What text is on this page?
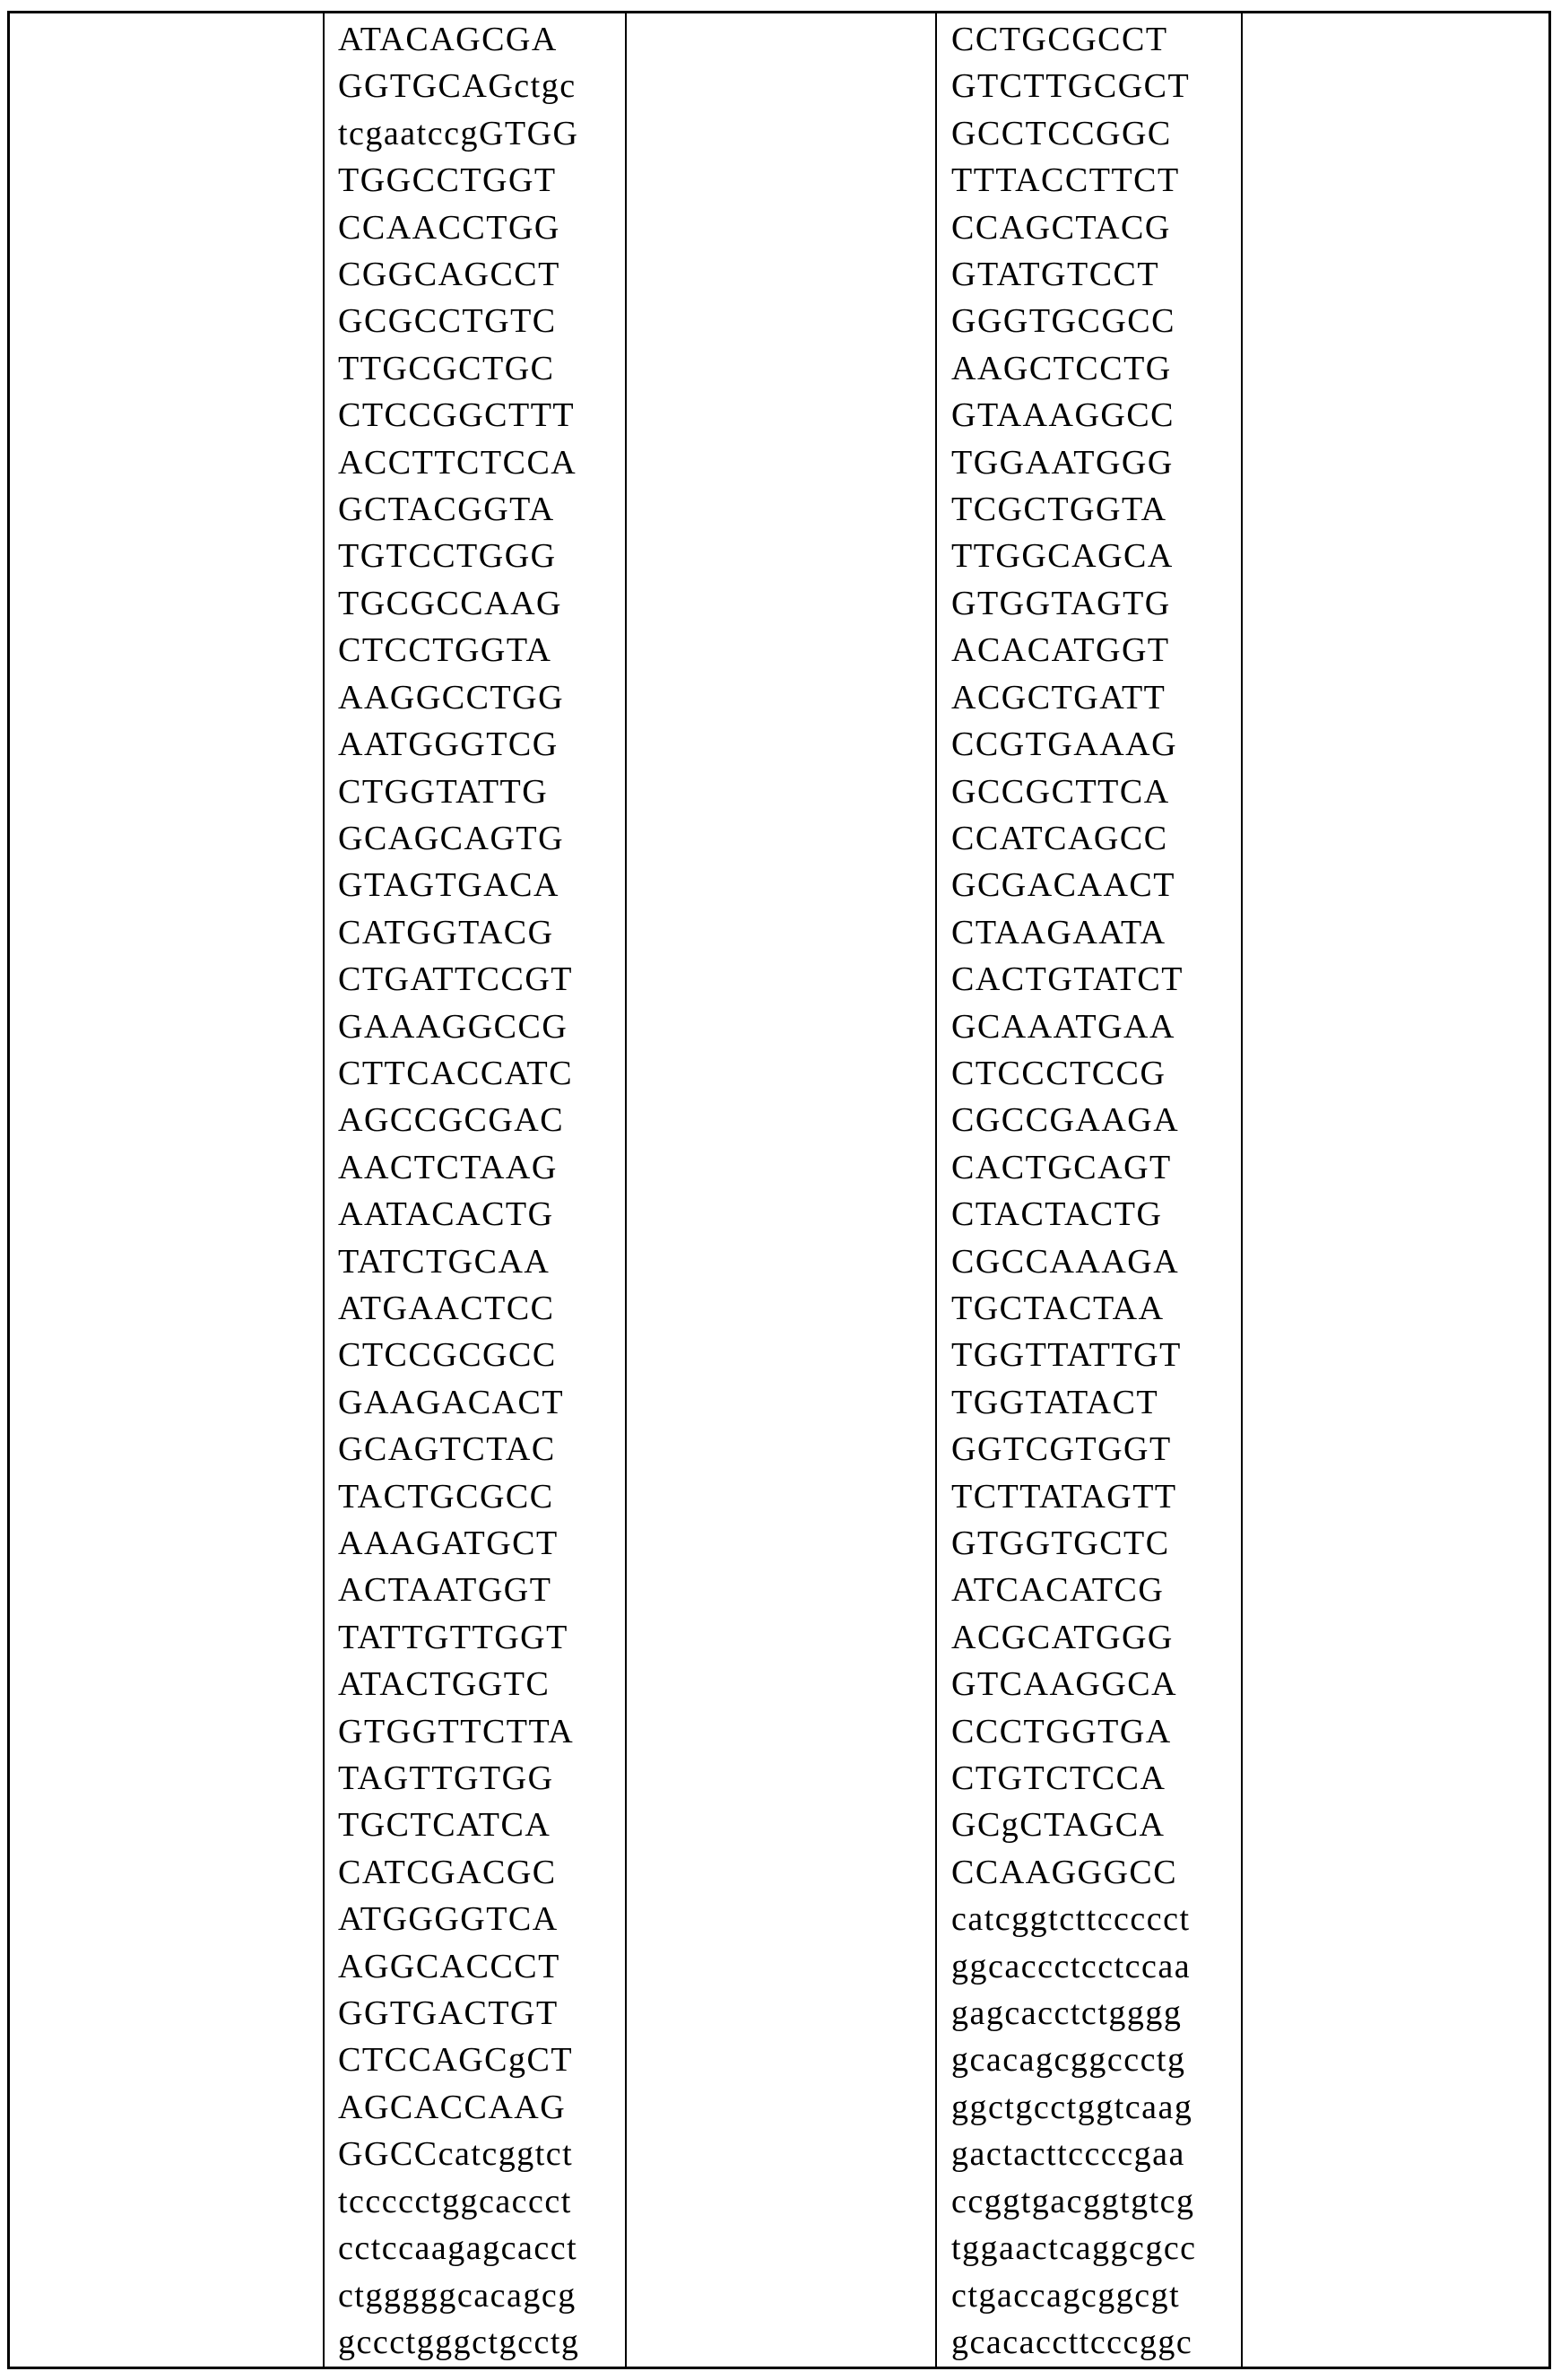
ATACAGCGA
GGTGCAGctgc
tcgaatccgGTGG
TGGCCTGGT
CCAACCTGG
CGGCAGCCT
GCGCCTGTC
TTGCGCTGC
CTCCGGCTTT
ACCTTCTCCA
GCTACGGTA
TGTCCTGGG
TGCGCCAAG
CTCCTGGTA
AAGGCCTGG
AATGGGTCG
CTGGTATTG
GCAGCAGTG
GTAGTGACA
CATGGTACG
CTGATTCCGT
GAAAGGCCG
CTTCACCATC
AGCCGCGAC
AACTCTAAG
AATACACTG
TATCTGCAA
ATGAACTCC
CTCCGCGCC
GAAGACACT
GCAGTCTAC
TACTGCGCC
AAAGATGCT
ACTAATGGT
TATTGTTGGT
ATACTGGTC
GTGGTTCTTA
TAGTTGTGG
TGCTCATCA
CATCGACGC
ATGGGGTCA
AGGCACCCT
GGTGACTGT
CTCCAGCgCT
AGCACCAAG
GGCCcatcggtct
tccccctggcaccct
cctccaagagcacct
ctgggggcacagcg
gccctgggctgcctg
CCTGCGCCT
GTCTTGCGCT
GCCTCCGGC
TTTACCTTCT
CCAGCTACG
GTATGTCCT
GGGTGCGCC
AAGCTCCTG
GTAAAGGCC
TGGAATGGG
TCGCTGGTA
TTGGCAGCA
GTGGTAGTG
ACACATGGT
ACGCTGATT
CCGTGAAAG
GCCGCTTCA
CCATCAGCC
GCGACAACT
CTAAGAATA
CACTGTATCT
GCAAATGAA
CTCCCTCCG
CGCCGAAGA
CACTGCAGT
CTACTACTG
CGCCAAAGA
TGCTACTAA
TGGTTATTGT
TGGTATACT
GGTCGTGGT
TCTTATAGTT
GTGGTGCTC
ATCACATCG
ACGCATGGG
GTCAAGGCA
CCCTGGTGA
CTGTCTCCA
GCgCTAGCA
CCAAGGGCC
catcggtcttccccct
ggcaccctcctccaa
gagcacctctgggg
gcacagcggccctg
ggctgcctggtcaag
gactacttccccgaa
ccggtgacggtgtcg
tggaactcaggcgcc
ctgaccagcggcgt
gcacaccttcccggc
